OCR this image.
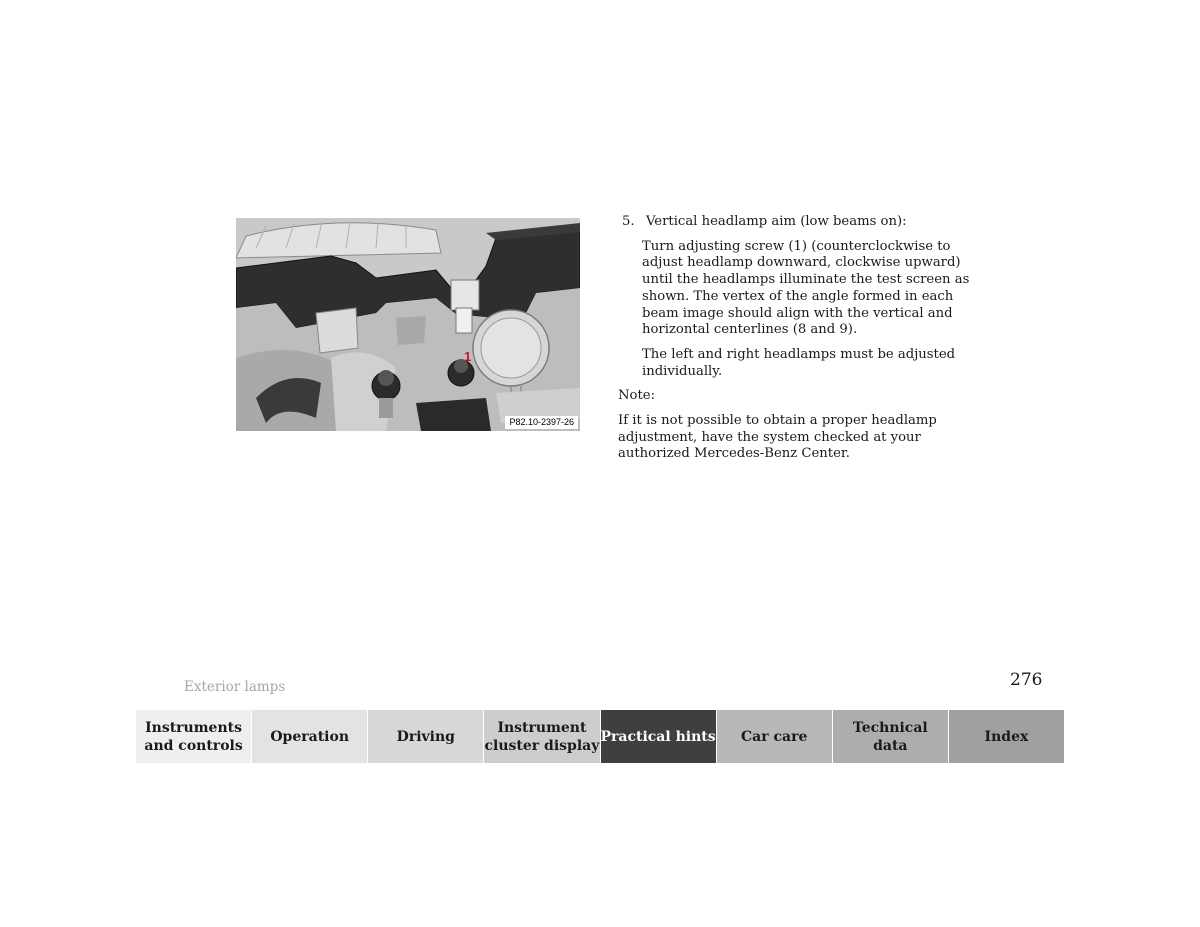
1
P82.10-2397-26
5. Vertical headlamp aim (low beams on):

Turn adjusting screw (1) (counterclockwise to adjust headlamp downward, clockwise upward) until the headlamps illuminate the test screen as shown. The vertex of the angle formed in each beam image should align with the vertical and horizontal centerlines (8 and 9).

The left and right headlamps must be adjusted individually.

Note:

If it is not possible to obtain a proper headlamp adjustment, have the system checked at your authorized Mercedes-Benz Center.

Exterior lamps	276
Instruments
and controls
Operation	Driving
Instrument
cluster display
Practical hints	Car care
Technical
data
Index
